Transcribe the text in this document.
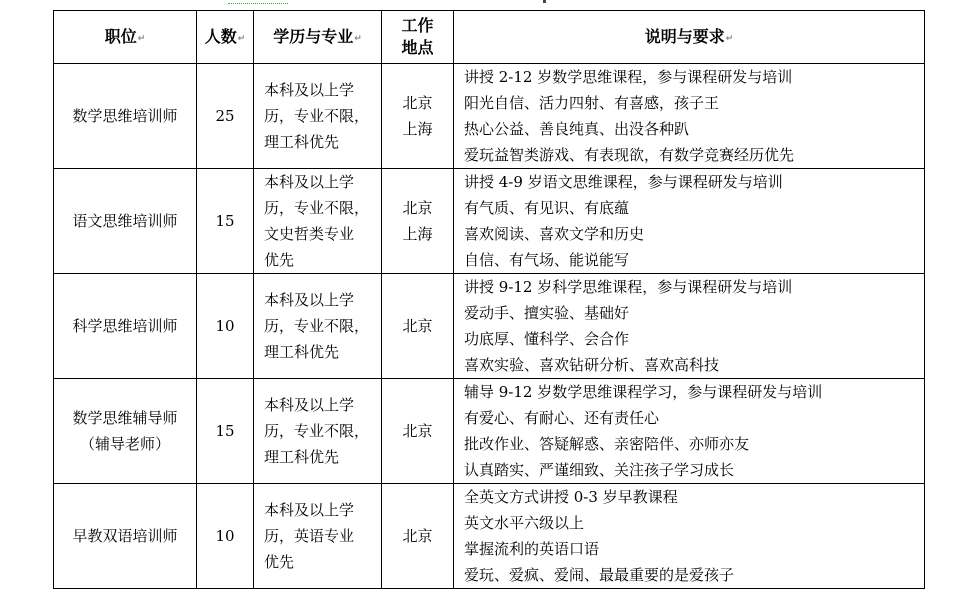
职位↵	人数↵	学历与专业↵	工作
地点	说明与要求↵

数学思维培训师	25	本科及以上学
历，专业不限，
理工科优先	北京
上海	讲授 2-12 岁数学思维课程，参与课程研发与培训
阳光自信、活力四射、有喜感，孩子王
热心公益、善良纯真、出没各种趴
爱玩益智类游戏、有表现欲，有数学竞赛经历优先

语文思维培训师	15	本科及以上学
历，专业不限，
文史哲类专业
优先	北京
上海	讲授 4-9 岁语文思维课程，参与课程研发与培训
有气质、有见识、有底蕴
喜欢阅读、喜欢文学和历史
自信、有气场、能说能写

科学思维培训师	10	本科及以上学
历，专业不限，
理工科优先	北京	讲授 9-12 岁科学思维课程，参与课程研发与培训
爱动手、擅实验、基础好
功底厚、懂科学、会合作
喜欢实验、喜欢钻研分析、喜欢高科技

数学思维辅导师
（辅导老师）	15	本科及以上学
历，专业不限，
理工科优先	北京	辅导 9-12 岁数学思维课程学习，参与课程研发与培训
有爱心、有耐心、还有责任心
批改作业、答疑解惑、亲密陪伴、亦师亦友
认真踏实、严谨细致、关注孩子学习成长

早教双语培训师	10	本科及以上学
历，英语专业
优先	北京	全英文方式讲授 0-3 岁早教课程
英文水平六级以上
掌握流利的英语口语
爱玩、爱疯、爱闹、最最重要的是爱孩子
